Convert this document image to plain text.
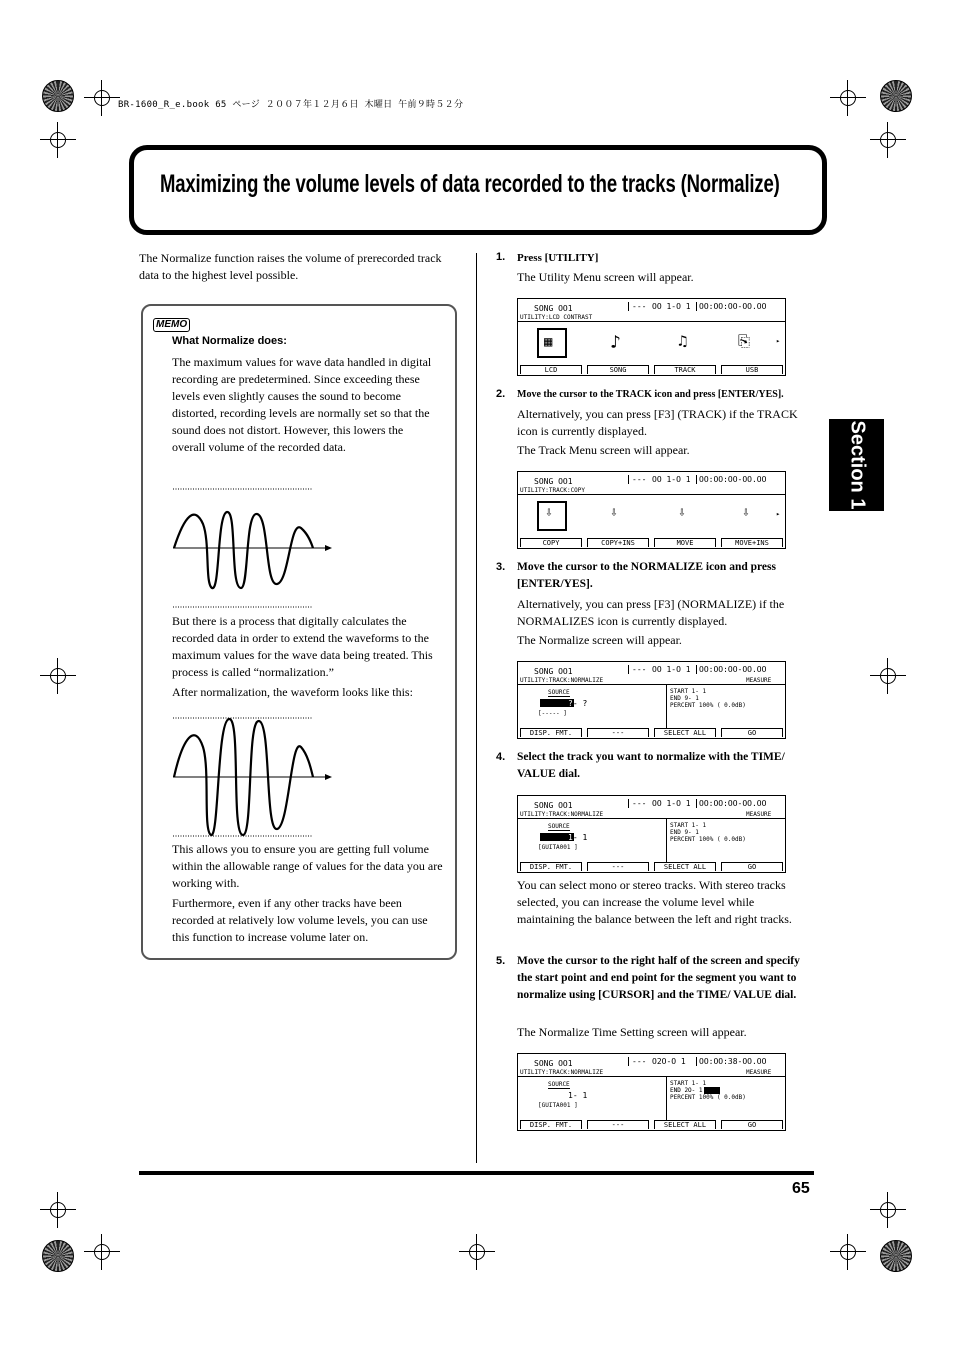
BR-1600_R_e.book 65 ページ ２００７年１２月６日 木曜日 午前９時５２分
Maximizing the volume levels of data recorded to the tracks (Normalize)
Section 1
The Normalize function raises the volume of prerecorded track data to the highest level possible.
MEMO
What Normalize does:
The maximum values for wave data handled in digital recording are predetermined. Since exceeding these levels even slightly causes the sound to become distorted, recording levels are normally set so that the sound does not distort. However, this lowers the overall volume of the recorded data.
But there is a process that digitally calculates the recorded data in order to extend the waveforms to the maximum values for the wave data being treated. This process is called “normalization.”
After normalization, the waveform looks like this:
This allows you to ensure you are getting full volume within the allowable range of values for the data you are working with.
Furthermore, even if any other tracks have been recorded at relatively low volume levels, you can use this function to increase volume later on.
1. Press [UTILITY]
The Utility Menu screen will appear.
SONG OO1	--- OO 1-O 1	OO:OO:OO-OO.OO
UTILITY:LCD CONTRAST
▦	♪	♫	⎘	▸
LCD	SONG	TRACK	USB
2. Move the cursor to the TRACK icon and press [ENTER/YES].
Alternatively, you can press [F3] (TRACK) if the TRACK icon is currently displayed.
The Track Menu screen will appear.
SONG OO1	--- OO 1-O 1	OO:OO:OO-OO.OO
UTILITY:TRACK:COPY
⇩	⇩	⇩	⇩	▸
COPY	COPY+INS	MOVE	MOVE+INS
3. Move the cursor to the NORMALIZE icon and press [ENTER/YES].
Alternatively, you can press [F3] (NORMALIZE) if the NORMALIZES icon is currently displayed.
The Normalize screen will appear.
SONG OO1	--- OO 1-O 1	OO:OO:OO-OO.OO
UTILITY:TRACK:NORMALIZE	MEASURE
SOURCE
?- ?
[----- ]
START 1- 1
END 9- 1
PERCENT 100% ( 0.0dB)
DISP. FMT.	---	SELECT ALL	GO
4. Select the track you want to normalize with the TIME/ VALUE dial.
SONG OO1	--- OO 1-O 1	OO:OO:OO-OO.OO
UTILITY:TRACK:NORMALIZE	MEASURE
SOURCE
1- 1
[GUITA001 ]
START 1- 1
END 9- 1
PERCENT 100% ( 0.0dB)
DISP. FMT.	---	SELECT ALL	GO
You can select mono or stereo tracks. With stereo tracks selected, you can increase the volume level while maintaining the balance between the left and right tracks.
5. Move the cursor to the right half of the screen and specify the start point and end point for the segment you want to normalize using [CURSOR] and the TIME/ VALUE dial.
The Normalize Time Setting screen will appear.
SONG OO1	--- O2O-O 1	OO:OO:38-OO.OO
UTILITY:TRACK:NORMALIZE	MEASURE
SOURCE
1- 1
[GUITA001 ]
START 1- 1
END 2O- 1
PERCENT 100% ( 0.0dB)
DISP. FMT.	---	SELECT ALL	GO
65
